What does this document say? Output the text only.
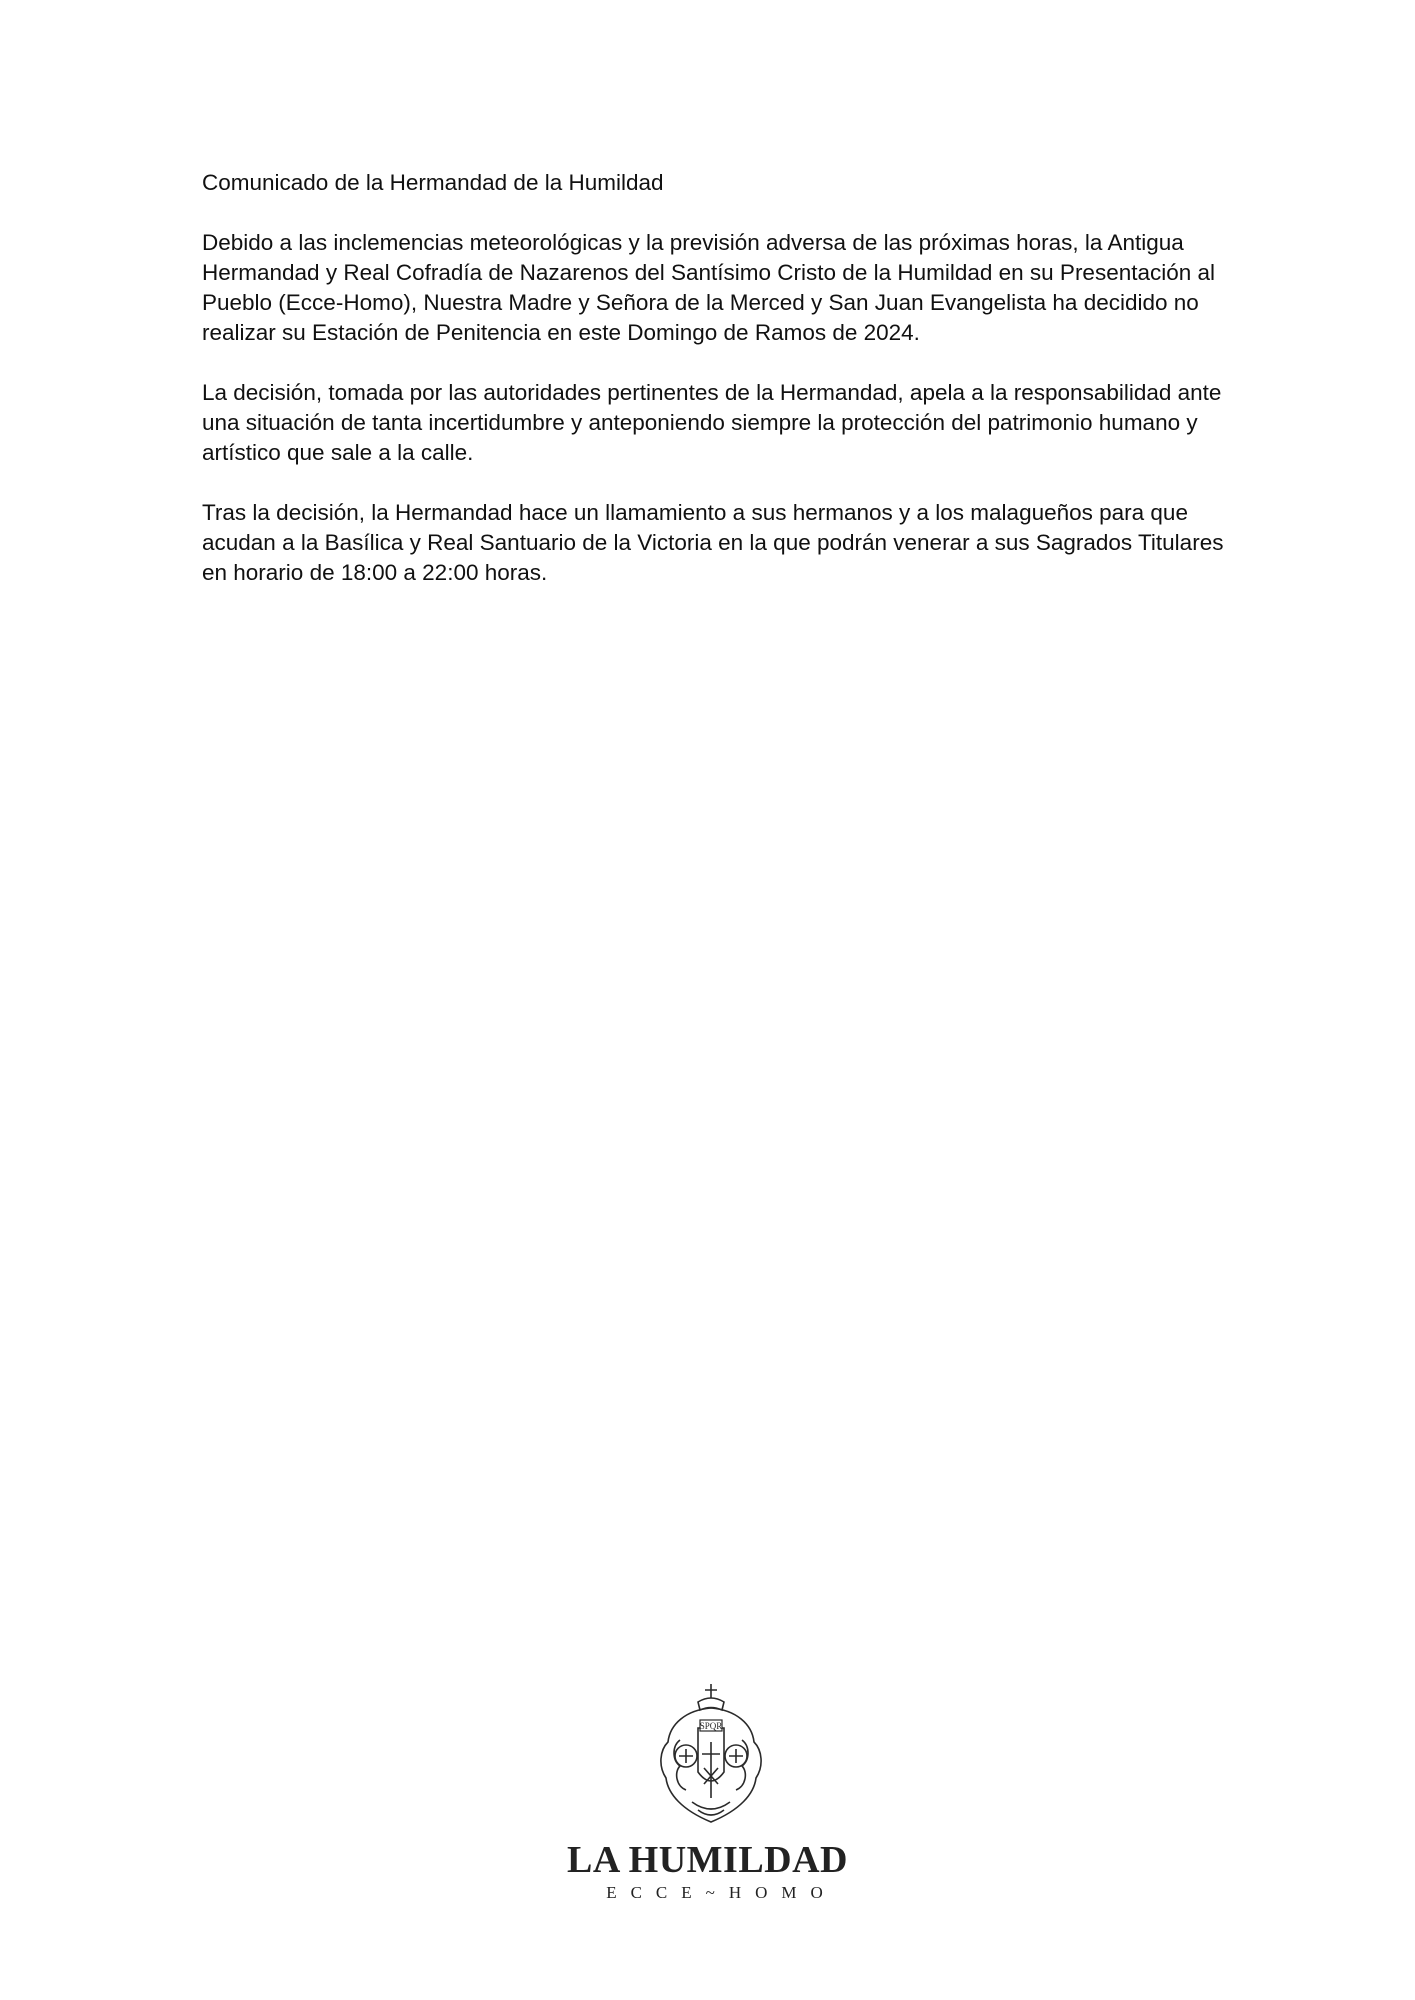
Comunicado de la Hermandad de la Humildad

Debido a las inclemencias meteorológicas y la previsión adversa de las próximas horas, la Antigua Hermandad y Real Cofradía de Nazarenos del Santísimo Cristo de la Humildad en su Presentación al Pueblo (Ecce-Homo), Nuestra Madre y Señora de la Merced y San Juan Evangelista ha decidido no realizar su Estación de Penitencia en este Domingo de Ramos de 2024.

La decisión, tomada por las autoridades pertinentes de la Hermandad, apela a la responsabilidad ante una situación de tanta incertidumbre y anteponiendo siempre la protección del patrimonio humano y artístico que sale a la calle.

Tras la decisión, la Hermandad hace un llamamiento a sus hermanos y a los malagueños para que acudan a la Basílica y Real Santuario de la Victoria en la que podrán venerar a sus Sagrados Titulares en horario de 18:00 a 22:00 horas.

SPQR
LA HUMILDAD
ECCE~HOMO
